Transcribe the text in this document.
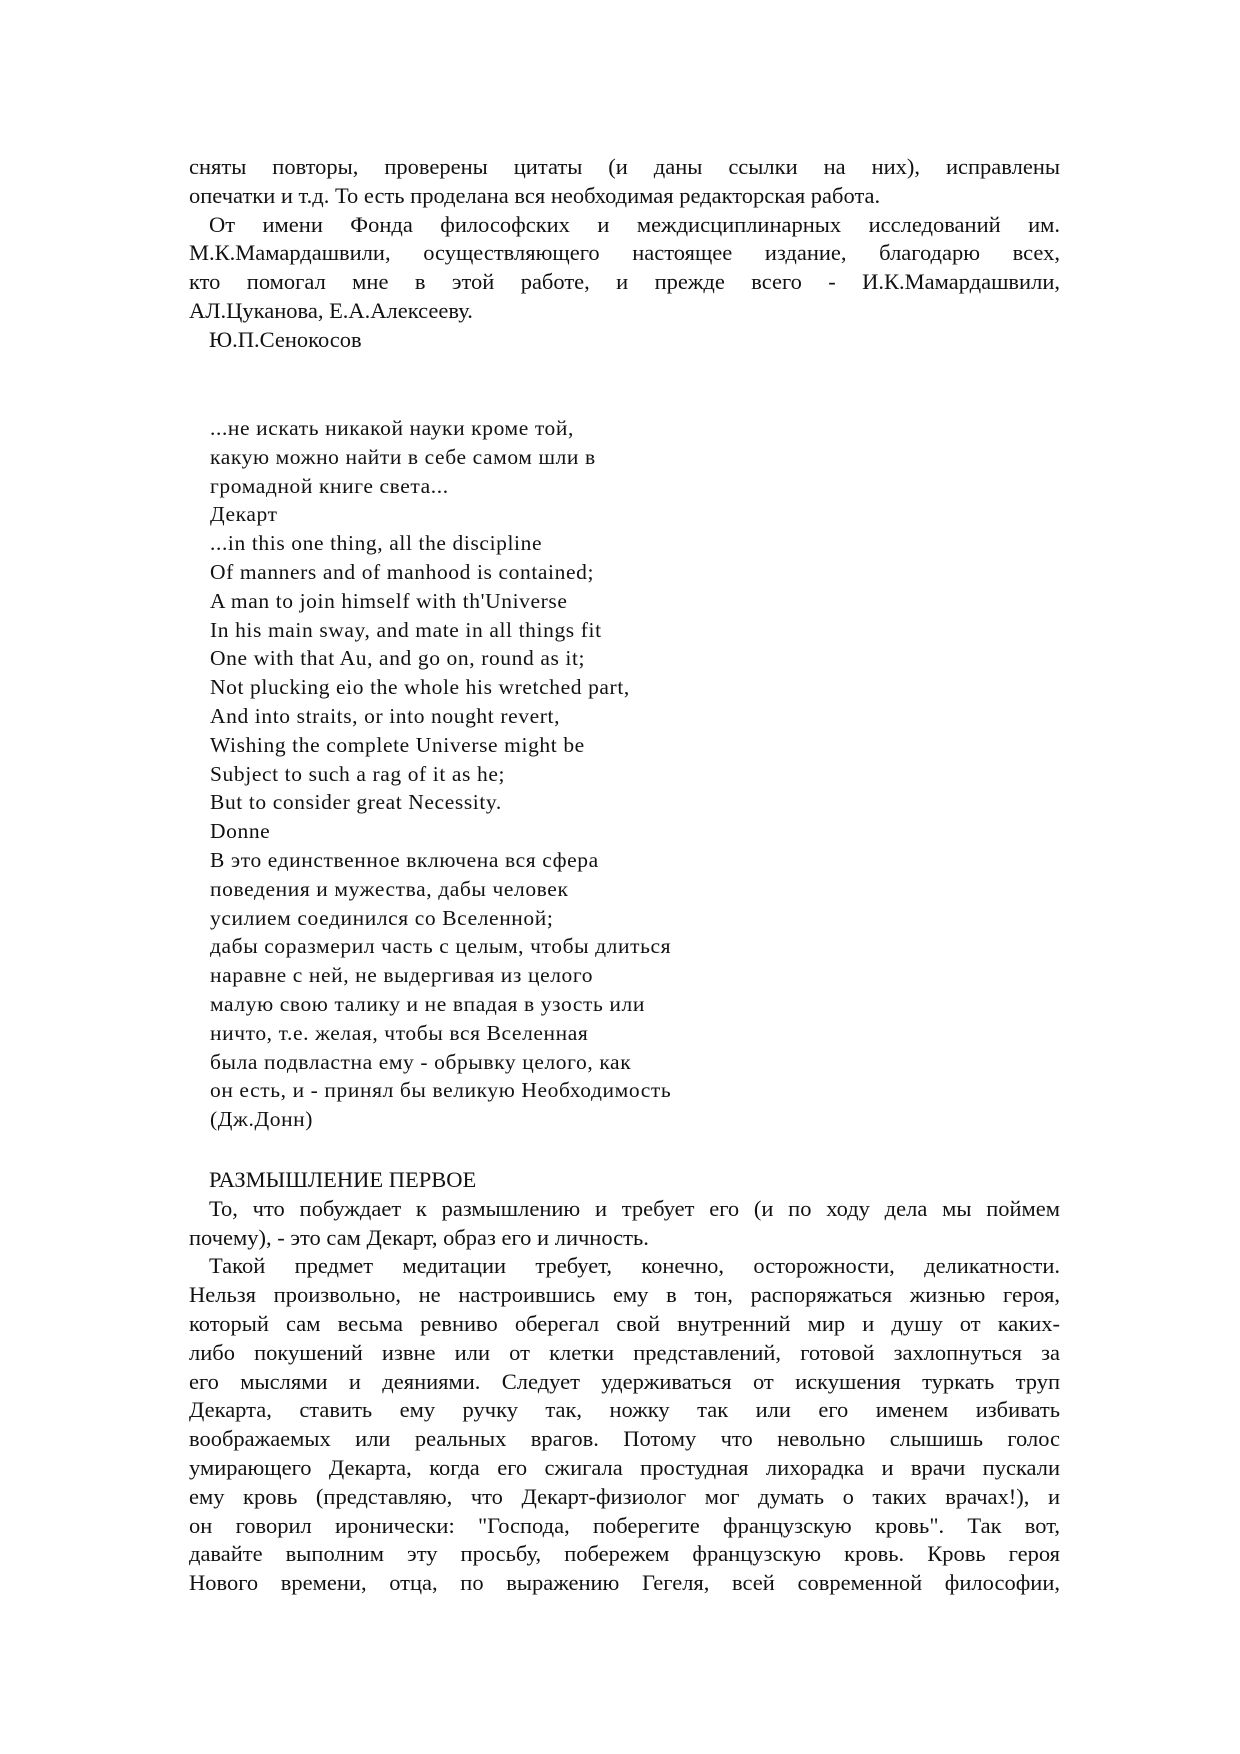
сняты повторы, проверены цитаты (и даны ссылки на них), исправлены
опечатки и т.д. То есть проделана вся необходимая редакторская работа.
От имени Фонда философских и междисциплинарных исследований им.
М.К.Мамардашвили, осуществляющего настоящее издание, благодарю всех,
кто помогал мне в этой работе, и прежде всего - И.К.Мамардашвили,
АЛ.Цуканова, Е.А.Алексееву.
Ю.П.Сенокосов
...не искать никакой науки кроме той,
какую можно найти в себе самом шли в
громадной книге света...
Декарт
...in this one thing, all the discipline
Of manners and of manhood is contained;
A man to join himself with th'Universe
In his main sway, and mate in all things fit
One with that Au, and go on, round as it;
Not plucking eio the whole his wretched part,
And into straits, or into nought revert,
Wishing the complete Universe might be
Subject to such a rag of it as he;
But to consider great Necessity.
Donne
В это единственное включена вся сфера
поведения и мужества, дабы человек
усилием соединился со Вселенной;
дабы соразмерил часть с целым, чтобы длиться
наравне с ней, не выдергивая из целого
малую свою талику и не впадая в узость или
ничто, т.е. желая, чтобы вся Вселенная
была подвластна ему - обрывку целого, как
он есть, и - принял бы великую Необходимость
(Дж.Донн)
РАЗМЫШЛЕНИЕ ПЕРВОЕ
То, что побуждает к размышлению и требует его (и по ходу дела мы поймем
почему), - это сам Декарт, образ его и личность.
Такой предмет медитации требует, конечно, осторожности, деликатности.
Нельзя произвольно, не настроившись ему в тон, распоряжаться жизнью героя,
который сам весьма ревниво оберегал свой внутренний мир и душу от каких-
либо покушений извне или от клетки представлений, готовой захлопнуться за
его мыслями и деяниями. Следует удерживаться от искушения туркать труп
Декарта, ставить ему ручку так, ножку так или его именем избивать
воображаемых или реальных врагов. Потому что невольно слышишь голос
умирающего Декарта, когда его сжигала простудная лихорадка и врачи пускали
ему кровь (представляю, что Декарт-физиолог мог думать о таких врачах!), и
он говорил иронически: "Господа, поберегите французскую кровь". Так вот,
давайте выполним эту просьбу, побережем французскую кровь. Кровь героя
Нового времени, отца, по выражению Гегеля, всей современной философии,
